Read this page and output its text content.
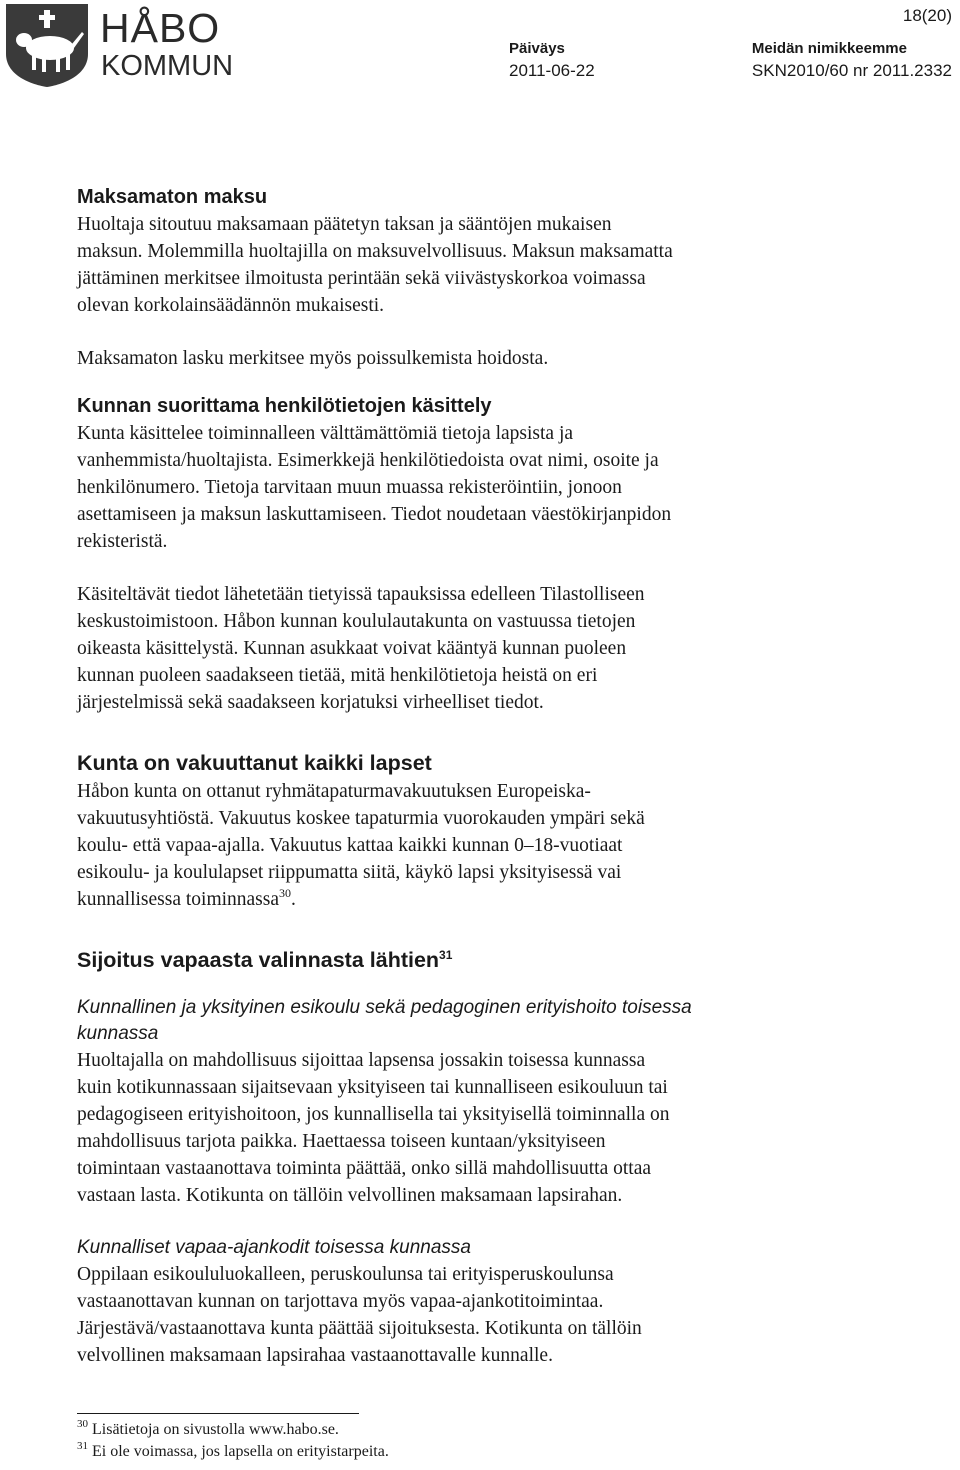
HÅBO
KOMMUN
18(20)
Päiväys
2011-06-22
Meidän nimikkeemme
SKN2010/60 nr 2011.2332
Maksamaton maksu

Huoltaja sitoutuu maksamaan päätetyn taksan ja sääntöjen mukaisen
maksun. Molemmilla huoltajilla on maksuvelvollisuus. Maksun maksamatta
jättäminen merkitsee ilmoitusta perintään sekä viivästyskorkoa voimassa
olevan korkolainsäädännön mukaisesti.

Maksamaton lasku merkitsee myös poissulkemista hoidosta.

Kunnan suorittama henkilötietojen käsittely

Kunta käsittelee toiminnalleen välttämättömiä tietoja lapsista ja
vanhemmista/huoltajista. Esimerkkejä henkilötiedoista ovat nimi, osoite ja
henkilönumero. Tietoja tarvitaan muun muassa rekisteröintiin, jonoon
asettamiseen ja maksun laskuttamiseen. Tiedot noudetaan väestökirjanpidon
rekisteristä.

Käsiteltävät tiedot lähetetään tietyissä tapauksissa edelleen Tilastolliseen
keskustoimistoon. Håbon kunnan koululautakunta on vastuussa tietojen
oikeasta käsittelystä. Kunnan asukkaat voivat kääntyä kunnan puoleen
kunnan puoleen saadakseen tietää, mitä henkilötietoja heistä on eri
järjestelmissä sekä saadakseen korjatuksi virheelliset tiedot.

Kunta on vakuuttanut kaikki lapset

Håbon kunta on ottanut ryhmätapaturmavakuutuksen Europeiska-
vakuutusyhtiöstä. Vakuutus koskee tapaturmia vuorokauden ympäri sekä
koulu- että vapaa-ajalla. Vakuutus kattaa kaikki kunnan 0–18-vuotiaat
esikoulu- ja koululapset riippumatta siitä, käykö lapsi yksityisessä vai
kunnallisessa toiminnassa$^{30}$.

Sijoitus vapaasta valinnasta lähtien$^{31}$
Kunnallinen ja yksityinen esikoulu sekä pedagoginen erityishoito toisessa
kunnassa

Huoltajalla on mahdollisuus sijoittaa lapsensa jossakin toisessa kunnassa
kuin kotikunnassaan sijaitsevaan yksityiseen tai kunnalliseen esikouluun tai
pedagogiseen erityishoitoon, jos kunnallisella tai yksityisellä toiminnalla on
mahdollisuus tarjota paikka. Haettaessa toiseen kuntaan/yksityiseen
toimintaan vastaanottava toiminta päättää, onko sillä mahdollisuutta ottaa
vastaan lasta. Kotikunta on tällöin velvollinen maksamaan lapsirahan.

Kunnalliset vapaa-ajankodit toisessa kunnassa

Oppilaan esikoululuokalleen, peruskoulunsa tai erityisperuskoulunsa
vastaanottavan kunnan on tarjottava myös vapaa-ajankotitoimintaa.
Järjestävä/vastaanottava kunta päättää sijoituksesta. Kotikunta on tällöin
velvollinen maksamaan lapsirahaa vastaanottavalle kunnalle.

$^{30}$ Lisätietoja on sivustolla www.habo.se.
$^{31}$ Ei ole voimassa, jos lapsella on erityistarpeita.
